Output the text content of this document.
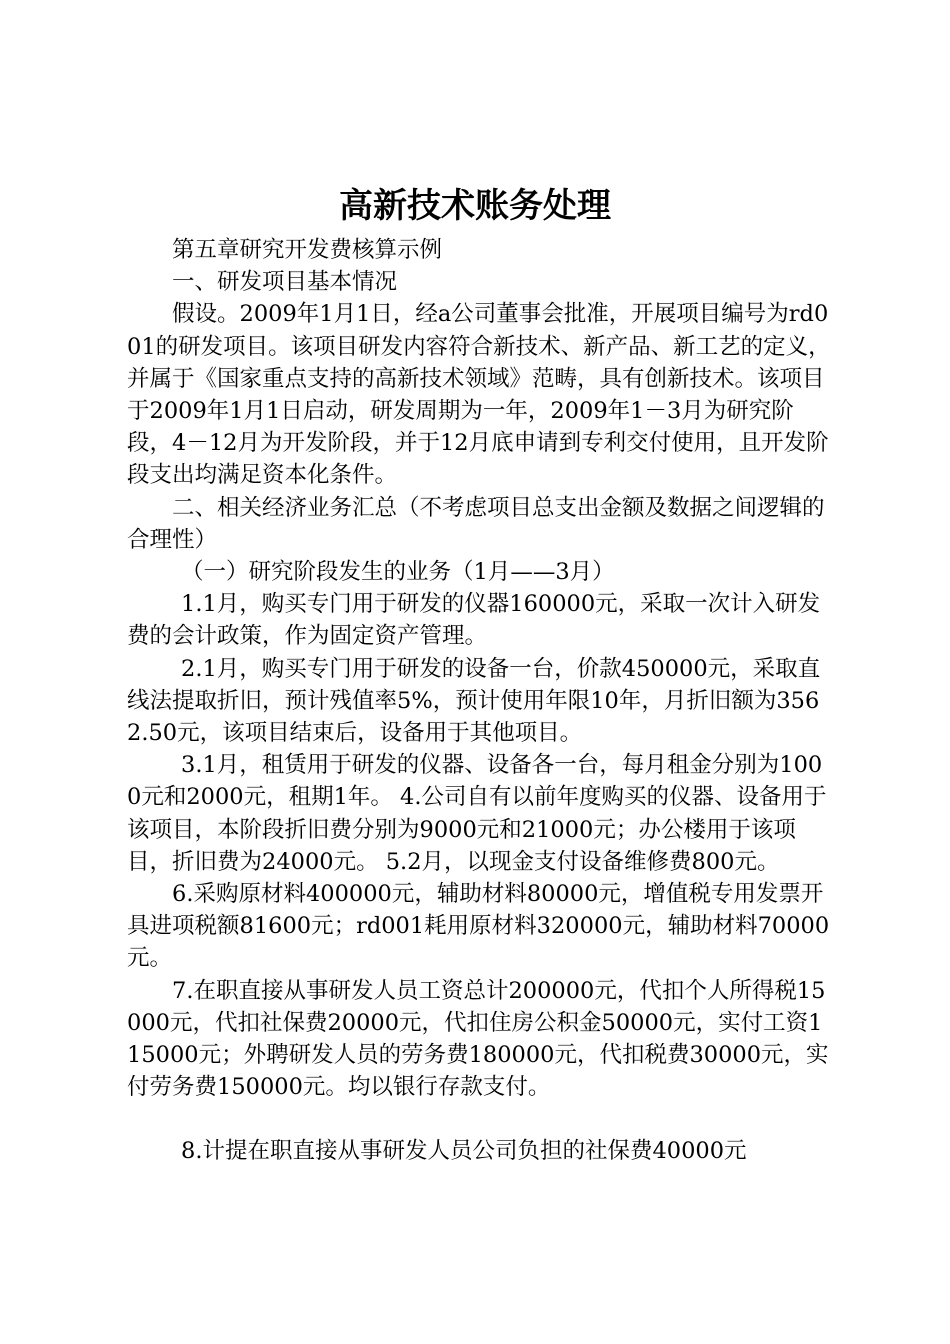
高新技术账务处理

第五章研究开发费核算示例

一、研发项目基本情况

假设。2009年1月1日，经a公司董事会批准，开展项目编号为rd001的研发项目。该项目研发内容符合新技术、新产品、新工艺的定义，并属于《国家重点支持的高新技术领域》范畴，具有创新技术。该项目于2009年1月1日启动，研发周期为一年，2009年1－3月为研究阶段，4－12月为开发阶段，并于12月底申请到专利交付使用，且开发阶段支出均满足资本化条件。

二、相关经济业务汇总（不考虑项目总支出金额及数据之间逻辑的合理性）

（一）研究阶段发生的业务（1月——3月）

1.1月，购买专门用于研发的仪器160000元，采取一次计入研发费的会计政策，作为固定资产管理。

2.1月，购买专门用于研发的设备一台，价款450000元，采取直线法提取折旧，预计残值率5%，预计使用年限10年，月折旧额为3562.50元，该项目结束后，设备用于其他项目。

3.1月，租赁用于研发的仪器、设备各一台，每月租金分别为1000元和2000元，租期1年。 4.公司自有以前年度购买的仪器、设备用于该项目，本阶段折旧费分别为9000元和21000元；办公楼用于该项目，折旧费为24000元。 5.2月，以现金支付设备维修费800元。

6.采购原材料400000元，辅助材料80000元，增值税专用发票开具进项税额81600元；rd001耗用原材料320000元，辅助材料70000元。

7.在职直接从事研发人员工资总计200000元，代扣个人所得税15000元，代扣社保费20000元，代扣住房公积金50000元，实付工资115000元；外聘研发人员的劳务费180000元，代扣税费30000元，实付劳务费150000元。均以银行存款支付。

8.计提在职直接从事研发人员公司负担的社保费40000元
